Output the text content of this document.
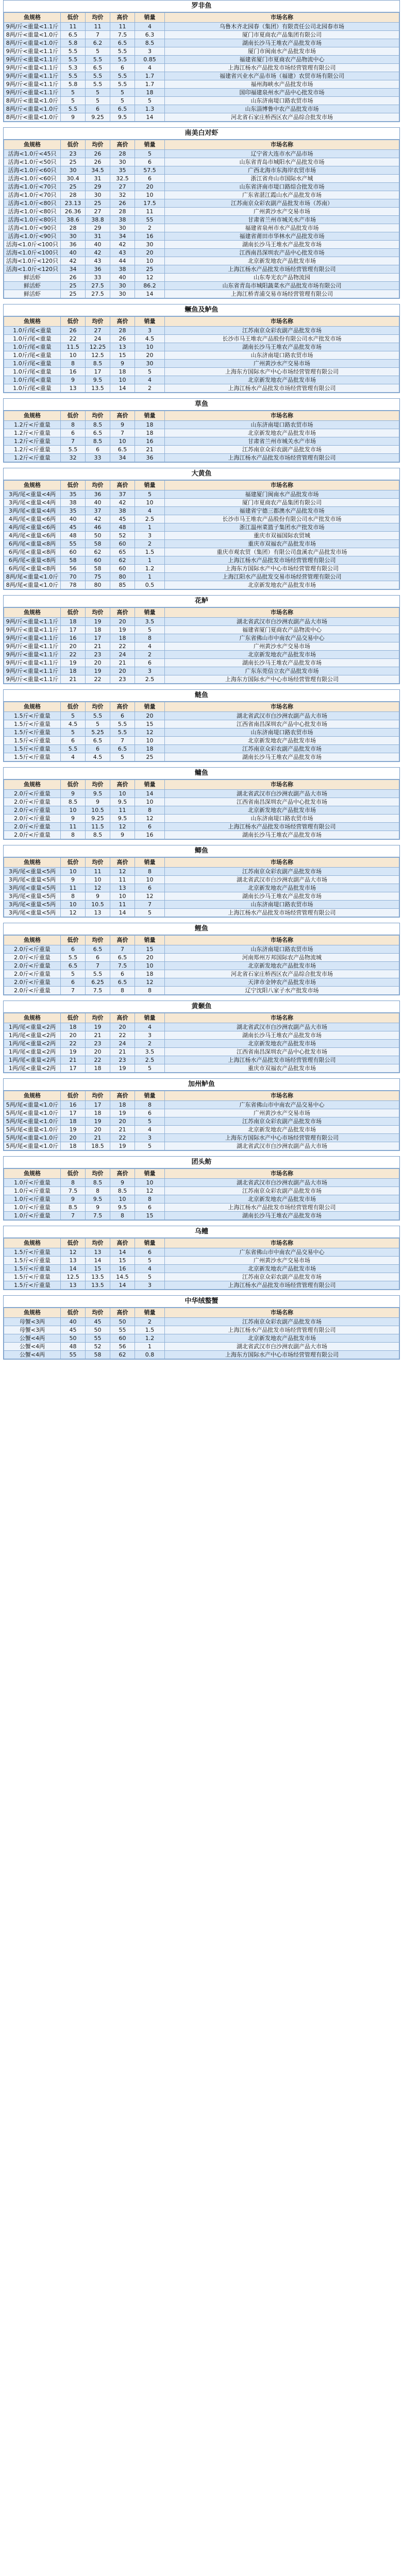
罗非鱼
鱼规格	低价	均价	高价	销量	市场名称
9两/斤<重量<1.1斤	11	11	11	4	乌鲁木齐北园春（集团）有限责任公司北园春市场
8两/斤<重量<1.0斤	6.5	7	7.5	6.3	厦门市夏商农产品集团有限公司
8两/斤<重量<1.0斤	5.8	6.2	6.5	8.5	湖南长沙马王堆农产品批发市场
9两/斤<重量<1.1斤	5.5	5	5.5	3	厦门市闽南水产品批发市场
9两/斤<重量<1.1斤	5.5	5.5	5.5	0.85	福建省厦门市夏商农产品物流中心
9两/斤<重量<1.1斤	5.3	6.5	6	4	上海江杨水产品批发市场经营管理有限公司
9两/斤<重量<1.1斤	5.5	5.5	5.5	1.7	福建省兴业水产品市场（福建）农贸市场有限公司
9两/斤<重量<1.1斤	5.8	5.5	5.5	1.7	福州海峡水产品批发市场
9两/斤<重量<1.1斤	5	5	5	18	国印福建泉州水产品中心批发市场
8两/斤<重量<1.0斤	5	5	5	5	山东济南堤口路农贸市场
8两/斤<重量<1.0斤	5.5	6	6.5	1.3	山东淄博鲁中农产品批发市场
8两/斤<重量<1.0斤	9	9.25	9.5	14	河北省石家庄桥西区农产品综合批发市场
南美白对虾
鱼规格	低价	均价	高价	销量	市场名称
活海<1.0斤<45只	23	26	28	5	辽宁省大连市水产品市场
活海<1.0斤<50只	25	26	30	6	山东省青岛市城阳水产品批发市场
活海<1.0斤<60只	30	34.5	35	57.5	广西北海市东海岸农贸市场
活海<1.0斤<60只	30.4	31	32.5	6	浙江省舟山市国际水产城
活海<1.0斤<70只	25	29	27	20	山东省济南市堤口路综合批发市场
活海<1.0斤<70只	28	30	32	10	广东省湛江霞山水产品批发市场
活海<1.0斤<80只	23.13	25	26	17.5	江苏南京众彩农副产品批发市场（苏南）
活海<1.0斤<80只	26.36	27	28	11	广州黄沙水产交易市场
活海<1.0斤<80只	38.6	38.8	38	55	甘肃省兰州市城关水产市场
活海<1.0斤<90只	28	29	30	2	福建省泉州市水产品批发市场
活海<1.0斤<90只	30	31	34	16	福建省莆田市华林水产品批发市场
活海<1.0斤<100只	36	40	42	30	湖南长沙马王堆水产品批发市场
活海<1.0斤<100只	40	42	43	20	江西南昌深圳农产品中心批发市场
活海<1.0斤<120只	42	43	44	10	北京新发地农产品批发市场
活海<1.0斤<120只	34	36	38	25	上海江杨水产品批发市场经营管理有限公司
鲜活虾	26	33	40	12	山东寿光农产品物流园
鲜活虾	25	27.5	30	86.2	山东省青岛市城阳蔬菜水产品批发市场有限公司
鲜活虾	25	27.5	30	14	上海江桥青浦交易市场经营管理有限公司
鳜鱼及鲈鱼
鱼规格	低价	均价	高价	销量	市场名称
1.0斤/尾<重量	26	27	28	3	江苏南京众彩农副产品批发市场
1.0斤/尾<重量	22	24	26	4.5	长沙市马王堆农产品股份有限公司水产批发市场
1.0斤/尾<重量	11.5	12.25	13	10	湖南长沙马王堆农产品批发市场
1.0斤/尾<重量	10	12.5	15	20	山东济南堤口路农贸市场
1.0斤/尾<重量	8	8.5	9	30	广州黄沙水产交易市场
1.0斤/尾<重量	16	17	18	5	上海东方国际水产中心市场经营管理有限公司
1.0斤/尾<重量	9	9.5	10	4	北京新发地农产品批发市场
1.0斤/尾<重量	13	13.5	14	2	上海江杨水产品批发市场经营管理有限公司
草鱼
鱼规格	低价	均价	高价	销量	市场名称
1.2斤<斤重量	8	8.5	9	18	山东济南堤口路农贸市场
1.2斤<斤重量	6	6.5	7	18	北京新发地农产品批发市场
1.2斤<斤重量	7	8.5	10	16	甘肃省兰州市城关水产市场
1.2斤<斤重量	5.5	6	6.5	21	江苏南京众彩农副产品批发市场
1.2斤<斤重量	32	33	34	36	上海江杨水产品批发市场经营管理有限公司
大黄鱼
鱼规格	低价	均价	高价	销量	市场名称
3两/尾<重量<4两	35	36	37	5	福建厦门闽南水产品批发市场
3两/尾<重量<4两	38	40	42	10	厦门市夏商农产品集团有限公司
3两/尾<重量<4两	35	37	38	4	福建省宁德三都澳水产品批发市场
4两/尾<重量<6两	40	42	45	2.5	长沙市马王堆农产品股份有限公司水产批发市场
4两/尾<重量<6两	45	46	48	1	浙江温州菜篮子集团水产批发市场
4两/尾<重量<6两	48	50	52	3	重庆市双福国际农贸城
6两/尾<重量<8两	55	58	60	2	重庆市双福农产品批发市场
6两/尾<重量<8两	60	62	65	1.5	重庆市观农贸（集团）有限公司盘溪农产品批发市场
6两/尾<重量<8两	58	60	62	1	上海江杨水产品批发市场经营管理有限公司
6两/尾<重量<8两	56	58	60	1.2	上海东方国际水产中心市场经营管理有限公司
8两/尾<重量<1.0斤	70	75	80	1	上海江阳水产品批发交易市场经营管理有限公司
8两/尾<重量<1.0斤	78	80	85	0.5	北京新发地农产品批发市场
花鲈
鱼规格	低价	均价	高价	销量	市场名称
9两/斤<重量<1.1斤	18	19	20	3.5	湖北省武汉市白沙洲农副产品大市场
9两/斤<重量<1.1斤	17	18	19	5	福建省厦门夏商农产品物流中心
9两/斤<重量<1.1斤	16	17	18	8	广东省佛山市中南农产品交易中心
9两/斤<重量<1.1斤	20	21	22	4	广州黄沙水产交易市场
9两/斤<重量<1.1斤	22	23	24	2	北京新发地农产品批发市场
9两/斤<重量<1.1斤	19	20	21	6	湖南长沙马王堆农产品批发市场
9两/斤<重量<1.1斤	18	19	20	3	广东东莞信立农产品批发市场
9两/斤<重量<1.1斤	21	22	23	2.5	上海东方国际水产中心市场经营管理有限公司
鲢鱼
鱼规格	低价	均价	高价	销量	市场名称
1.5斤<斤重量	5	5.5	6	20	湖北省武汉市白沙洲农副产品大市场
1.5斤<斤重量	4.5	5	5.5	15	江西省南昌深圳农产品中心批发市场
1.5斤<斤重量	5	5.25	5.5	12	山东济南堤口路农贸市场
1.5斤<斤重量	6	6.5	7	10	北京新发地农产品批发市场
1.5斤<斤重量	5.5	6	6.5	18	江苏南京众彩农副产品批发市场
1.5斤<斤重量	4	4.5	5	25	湖南长沙马王堆农产品批发市场
鳙鱼
鱼规格	低价	均价	高价	销量	市场名称
2.0斤<斤重量	9	9.5	10	14	湖北省武汉市白沙洲农副产品大市场
2.0斤<斤重量	8.5	9	9.5	10	江西省南昌深圳农产品中心批发市场
2.0斤<斤重量	10	10.5	11	8	北京新发地农产品批发市场
2.0斤<斤重量	9	9.25	9.5	12	山东济南堤口路农贸市场
2.0斤<斤重量	11	11.5	12	6	上海江杨水产品批发市场经营管理有限公司
2.0斤<斤重量	8	8.5	9	16	湖南长沙马王堆农产品批发市场
鲫鱼
鱼规格	低价	均价	高价	销量	市场名称
3两/尾<重量<5两	10	11	12	8	江苏南京众彩农副产品批发市场
3两/尾<重量<5两	9	10	11	10	湖北省武汉市白沙洲农副产品大市场
3两/尾<重量<5两	11	12	13	6	北京新发地农产品批发市场
3两/尾<重量<5两	8	9	10	12	湖南长沙马王堆农产品批发市场
3两/尾<重量<5两	10	10.5	11	7	山东济南堤口路农贸市场
3两/尾<重量<5两	12	13	14	5	上海江杨水产品批发市场经营管理有限公司
鲤鱼
鱼规格	低价	均价	高价	销量	市场名称
2.0斤<斤重量	6	6.5	7	15	山东济南堤口路农贸市场
2.0斤<斤重量	5.5	6	6.5	20	河南郑州万邦国际农产品物流城
2.0斤<斤重量	6.5	7	7.5	10	北京新发地农产品批发市场
2.0斤<斤重量	5	5.5	6	18	河北省石家庄桥西区农产品综合批发市场
2.0斤<斤重量	6	6.25	6.5	12	天津市金钟农产品批发市场
2.0斤<斤重量	7	7.5	8	8	辽宁沈阳八家子水产批发市场
黄颡鱼
鱼规格	低价	均价	高价	销量	市场名称
1两/尾<重量<2两	18	19	20	4	湖北省武汉市白沙洲农副产品大市场
1两/尾<重量<2两	20	21	22	3	湖南长沙马王堆农产品批发市场
1两/尾<重量<2两	22	23	24	2	北京新发地农产品批发市场
1两/尾<重量<2两	19	20	21	3.5	江西省南昌深圳农产品中心批发市场
1两/尾<重量<2两	21	22	23	2.5	上海江杨水产品批发市场经营管理有限公司
1两/尾<重量<2两	17	18	19	5	重庆市双福农产品批发市场
加州鲈鱼
鱼规格	低价	均价	高价	销量	市场名称
5两/尾<重量<1.0斤	16	17	18	8	广东省佛山市中南农产品交易中心
5两/尾<重量<1.0斤	17	18	19	6	广州黄沙水产交易市场
5两/尾<重量<1.0斤	18	19	20	5	江苏南京众彩农副产品批发市场
5两/尾<重量<1.0斤	19	20	21	4	北京新发地农产品批发市场
5两/尾<重量<1.0斤	20	21	22	3	上海东方国际水产中心市场经营管理有限公司
5两/尾<重量<1.0斤	18	18.5	19	5	湖北省武汉市白沙洲农副产品大市场
团头鲂
鱼规格	低价	均价	高价	销量	市场名称
1.0斤<斤重量	8	8.5	9	10	湖北省武汉市白沙洲农副产品大市场
1.0斤<斤重量	7.5	8	8.5	12	江苏南京众彩农副产品批发市场
1.0斤<斤重量	9	9.5	10	8	北京新发地农产品批发市场
1.0斤<斤重量	8.5	9	9.5	6	上海江杨水产品批发市场经营管理有限公司
1.0斤<斤重量	7	7.5	8	15	湖南长沙马王堆农产品批发市场
乌鳢
鱼规格	低价	均价	高价	销量	市场名称
1.5斤<斤重量	12	13	14	6	广东省佛山市中南农产品交易中心
1.5斤<斤重量	13	14	15	5	广州黄沙水产交易市场
1.5斤<斤重量	14	15	16	4	北京新发地农产品批发市场
1.5斤<斤重量	12.5	13.5	14.5	5	江苏南京众彩农副产品批发市场
1.5斤<斤重量	13	13.5	14	3	上海江杨水产品批发市场经营管理有限公司
中华绒螯蟹
鱼规格	低价	均价	高价	销量	市场名称
母蟹<3两	40	45	50	2	江苏南京众彩农副产品批发市场
母蟹<3两	45	50	55	1.5	上海江杨水产品批发市场经营管理有限公司
公蟹<4两	50	55	60	1.2	北京新发地农产品批发市场
公蟹<4两	48	52	56	1	湖北省武汉市白沙洲农副产品大市场
公蟹<4两	55	58	62	0.8	上海东方国际水产中心市场经营管理有限公司
